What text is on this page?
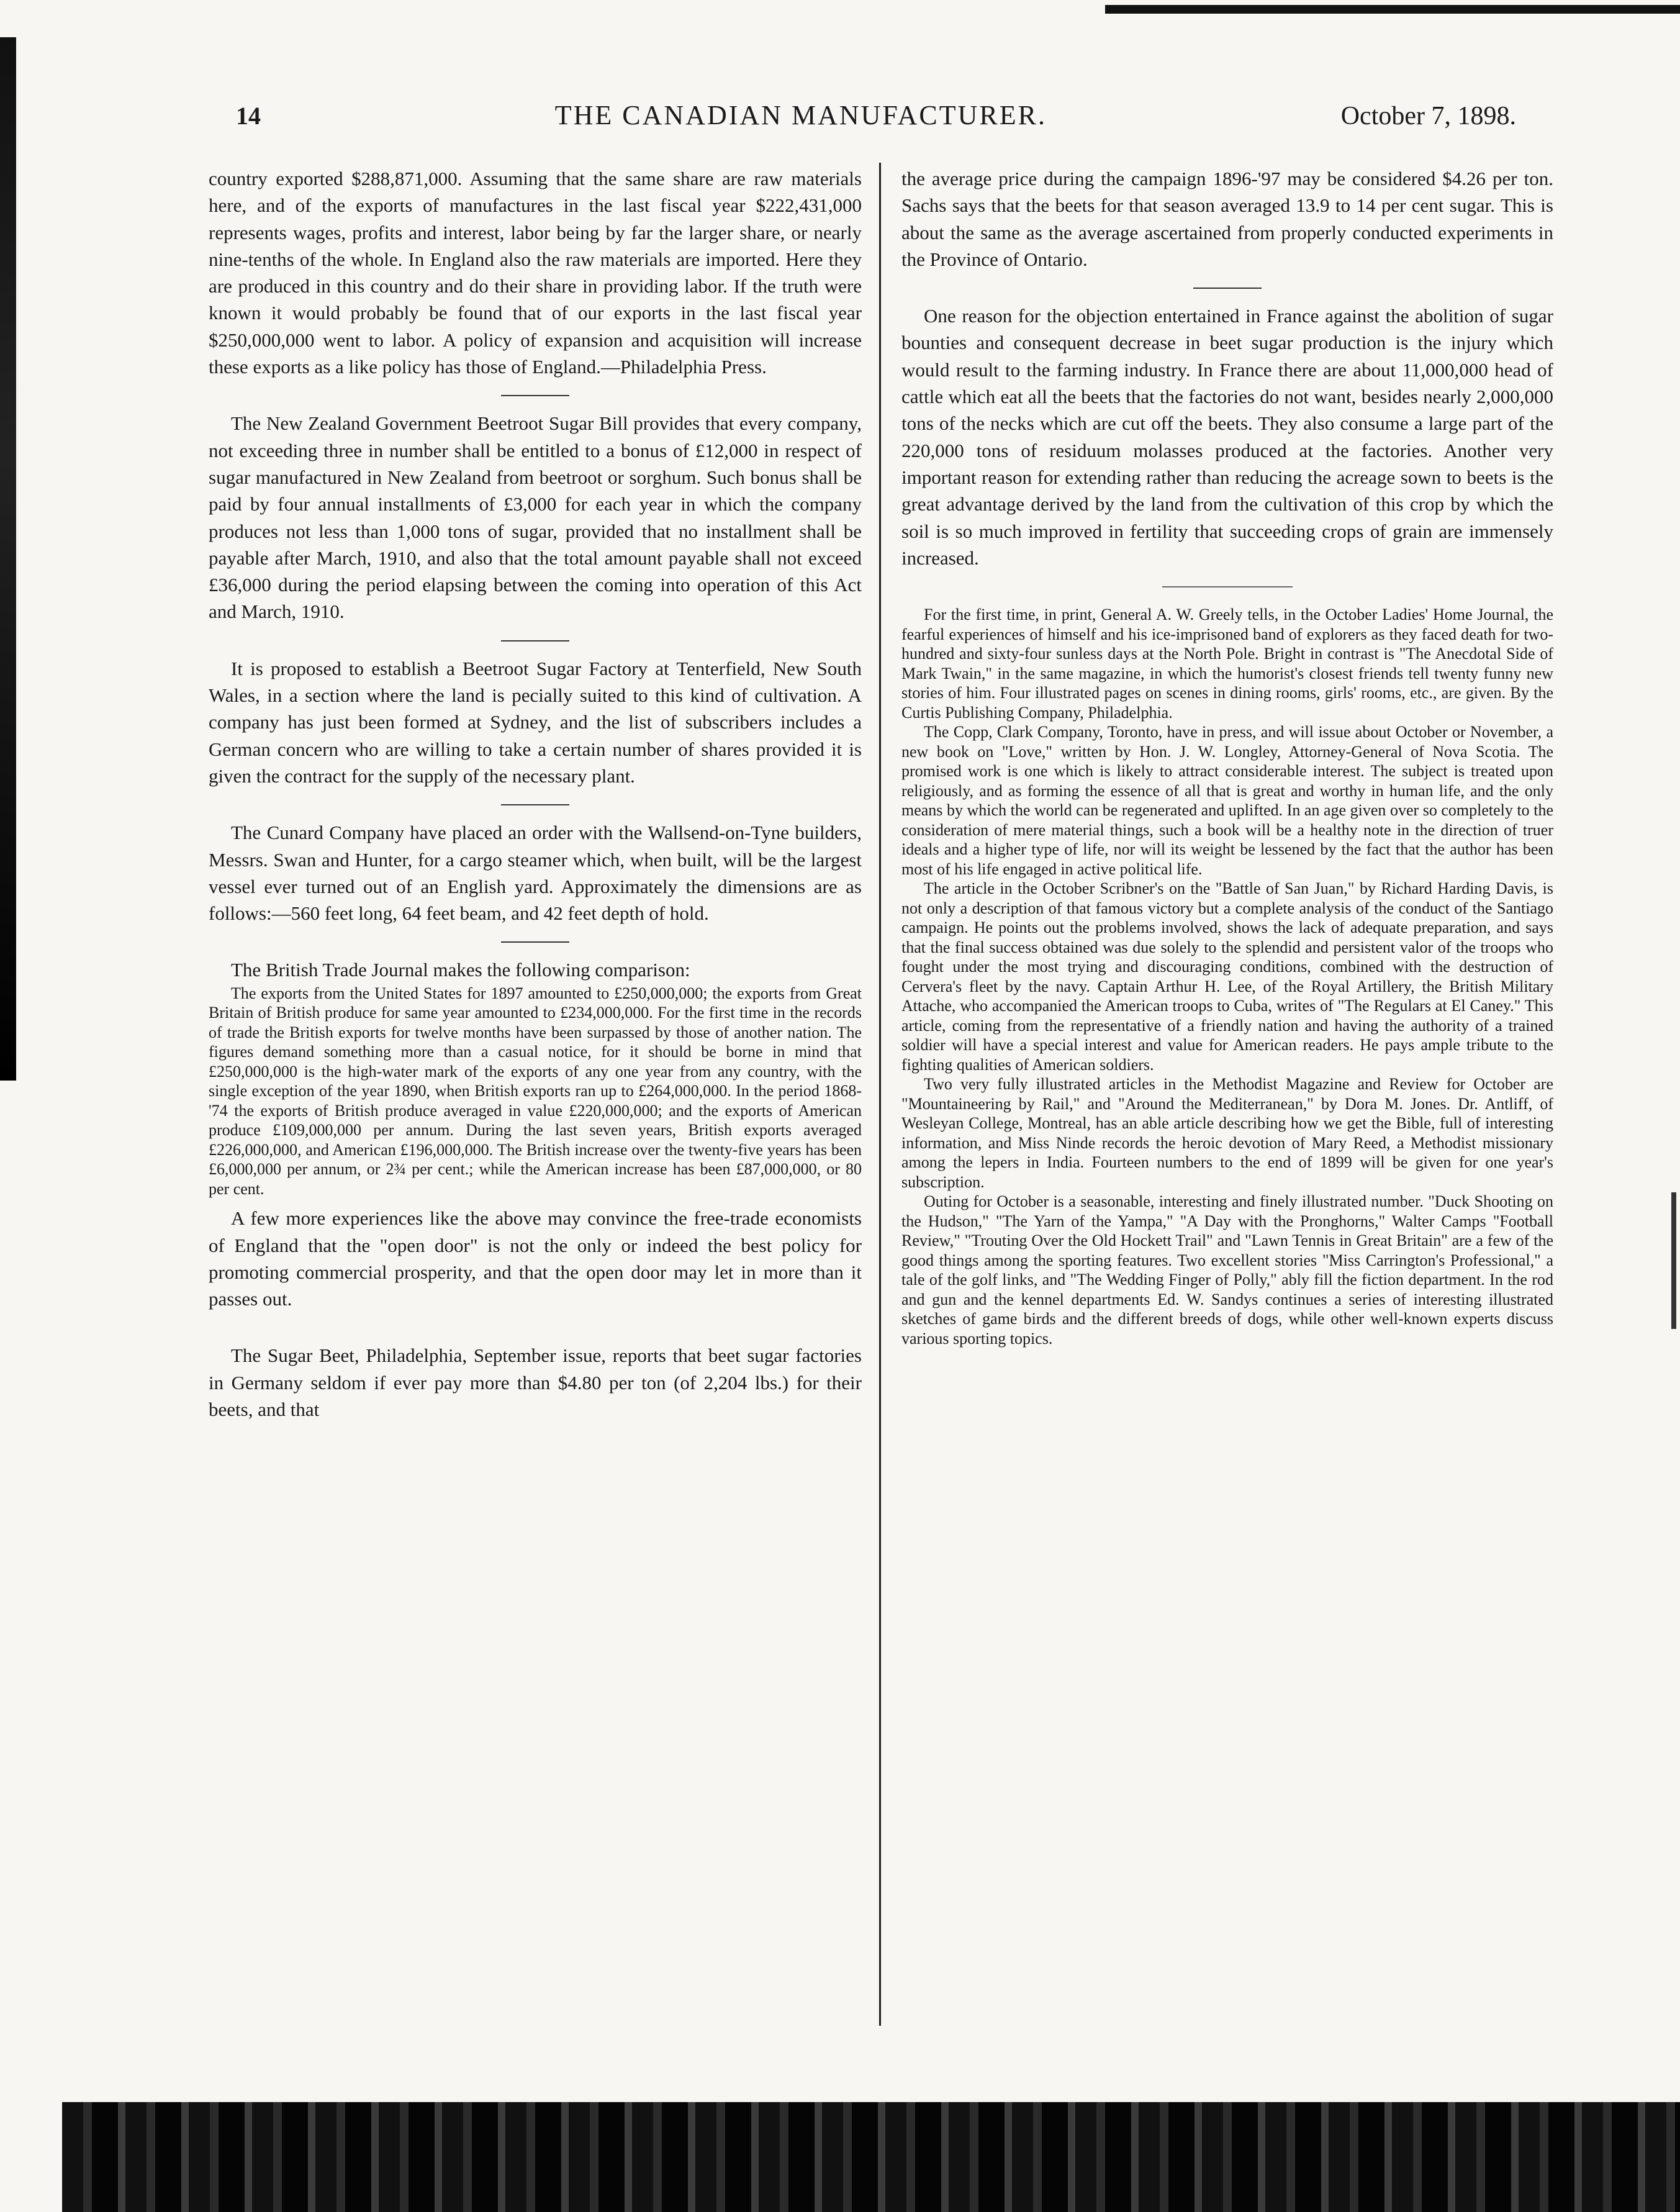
14	THE CANADIAN MANUFACTURER.	October 7, 1898.

country exported $288,871,000. Assuming that the same share are raw materials here, and of the exports of manufactures in the last fiscal year $222,431,000 represents wages, profits and interest, labor being by far the larger share, or nearly nine-tenths of the whole. In England also the raw materials are imported. Here they are produced in this country and do their share in providing labor. If the truth were known it would probably be found that of our exports in the last fiscal year $250,000,000 went to labor. A policy of expansion and acquisition will increase these exports as a like policy has those of England.—Philadelphia Press.

The New Zealand Government Beetroot Sugar Bill provides that every company, not exceeding three in number shall be entitled to a bonus of £12,000 in respect of sugar manufactured in New Zealand from beetroot or sorghum. Such bonus shall be paid by four annual installments of £3,000 for each year in which the company produces not less than 1,000 tons of sugar, provided that no installment shall be payable after March, 1910, and also that the total amount payable shall not exceed £36,000 during the period elapsing between the coming into operation of this Act and March, 1910.

It is proposed to establish a Beetroot Sugar Factory at Tenterfield, New South Wales, in a section where the land is pecially suited to this kind of cultivation. A company has just been formed at Sydney, and the list of subscribers includes a German concern who are willing to take a certain number of shares provided it is given the contract for the supply of the necessary plant.

The Cunard Company have placed an order with the Wallsend-on-Tyne builders, Messrs. Swan and Hunter, for a cargo steamer which, when built, will be the largest vessel ever turned out of an English yard. Approximately the dimensions are as follows:—560 feet long, 64 feet beam, and 42 feet depth of hold.

The British Trade Journal makes the following comparison:

The exports from the United States for 1897 amounted to £250,000,000; the exports from Great Britain of British produce for same year amounted to £234,000,000. For the first time in the records of trade the British exports for twelve months have been surpassed by those of another nation. The figures demand something more than a casual notice, for it should be borne in mind that £250,000,000 is the high-water mark of the exports of any one year from any country, with the single exception of the year 1890, when British exports ran up to £264,000,000. In the period 1868-'74 the exports of British produce averaged in value £220,000,000; and the exports of American produce £109,000,000 per annum. During the last seven years, British exports averaged £226,000,000, and American £196,000,000. The British increase over the twenty-five years has been £6,000,000 per annum, or 2¾ per cent.; while the American increase has been £87,000,000, or 80 per cent.

A few more experiences like the above may convince the free-trade economists of England that the "open door" is not the only or indeed the best policy for promoting commercial prosperity, and that the open door may let in more than it passes out.

The Sugar Beet, Philadelphia, September issue, reports that beet sugar factories in Germany seldom if ever pay more than $4.80 per ton (of 2,204 lbs.) for their beets, and that

the average price during the campaign 1896-'97 may be considered $4.26 per ton. Sachs says that the beets for that season averaged 13.9 to 14 per cent sugar. This is about the same as the average ascertained from properly conducted experiments in the Province of Ontario.

One reason for the objection entertained in France against the abolition of sugar bounties and consequent decrease in beet sugar production is the injury which would result to the farming industry. In France there are about 11,000,000 head of cattle which eat all the beets that the factories do not want, besides nearly 2,000,000 tons of the necks which are cut off the beets. They also consume a large part of the 220,000 tons of residuum molasses produced at the factories. Another very important reason for extending rather than reducing the acreage sown to beets is the great advantage derived by the land from the cultivation of this crop by which the soil is so much improved in fertility that succeeding crops of grain are immensely increased.

For the first time, in print, General A. W. Greely tells, in the October Ladies' Home Journal, the fearful experiences of himself and his ice-imprisoned band of explorers as they faced death for two-hundred and sixty-four sunless days at the North Pole. Bright in contrast is "The Anecdotal Side of Mark Twain," in the same magazine, in which the humorist's closest friends tell twenty funny new stories of him. Four illustrated pages on scenes in dining rooms, girls' rooms, etc., are given. By the Curtis Publishing Company, Philadelphia.

The Copp, Clark Company, Toronto, have in press, and will issue about October or November, a new book on "Love," written by Hon. J. W. Longley, Attorney-General of Nova Scotia. The promised work is one which is likely to attract considerable interest. The subject is treated upon religiously, and as forming the essence of all that is great and worthy in human life, and the only means by which the world can be regenerated and uplifted. In an age given over so completely to the consideration of mere material things, such a book will be a healthy note in the direction of truer ideals and a higher type of life, nor will its weight be lessened by the fact that the author has been most of his life engaged in active political life.

The article in the October Scribner's on the "Battle of San Juan," by Richard Harding Davis, is not only a description of that famous victory but a complete analysis of the conduct of the Santiago campaign. He points out the problems involved, shows the lack of adequate preparation, and says that the final success obtained was due solely to the splendid and persistent valor of the troops who fought under the most trying and discouraging conditions, combined with the destruction of Cervera's fleet by the navy. Captain Arthur H. Lee, of the Royal Artillery, the British Military Attache, who accompanied the American troops to Cuba, writes of "The Regulars at El Caney." This article, coming from the representative of a friendly nation and having the authority of a trained soldier will have a special interest and value for American readers. He pays ample tribute to the fighting qualities of American soldiers.

Two very fully illustrated articles in the Methodist Magazine and Review for October are "Mountaineering by Rail," and "Around the Mediterranean," by Dora M. Jones. Dr. Antliff, of Wesleyan College, Montreal, has an able article describing how we get the Bible, full of interesting information, and Miss Ninde records the heroic devotion of Mary Reed, a Methodist missionary among the lepers in India. Fourteen numbers to the end of 1899 will be given for one year's subscription.

Outing for October is a seasonable, interesting and finely illustrated number. "Duck Shooting on the Hudson," "The Yarn of the Yampa," "A Day with the Pronghorns," Walter Camps "Football Review," "Trouting Over the Old Hockett Trail" and "Lawn Tennis in Great Britain" are a few of the good things among the sporting features. Two excellent stories "Miss Carrington's Professional," a tale of the golf links, and "The Wedding Finger of Polly," ably fill the fiction department. In the rod and gun and the kennel departments Ed. W. Sandys continues a series of interesting illustrated sketches of game birds and the different breeds of dogs, while other well-known experts discuss various sporting topics.
